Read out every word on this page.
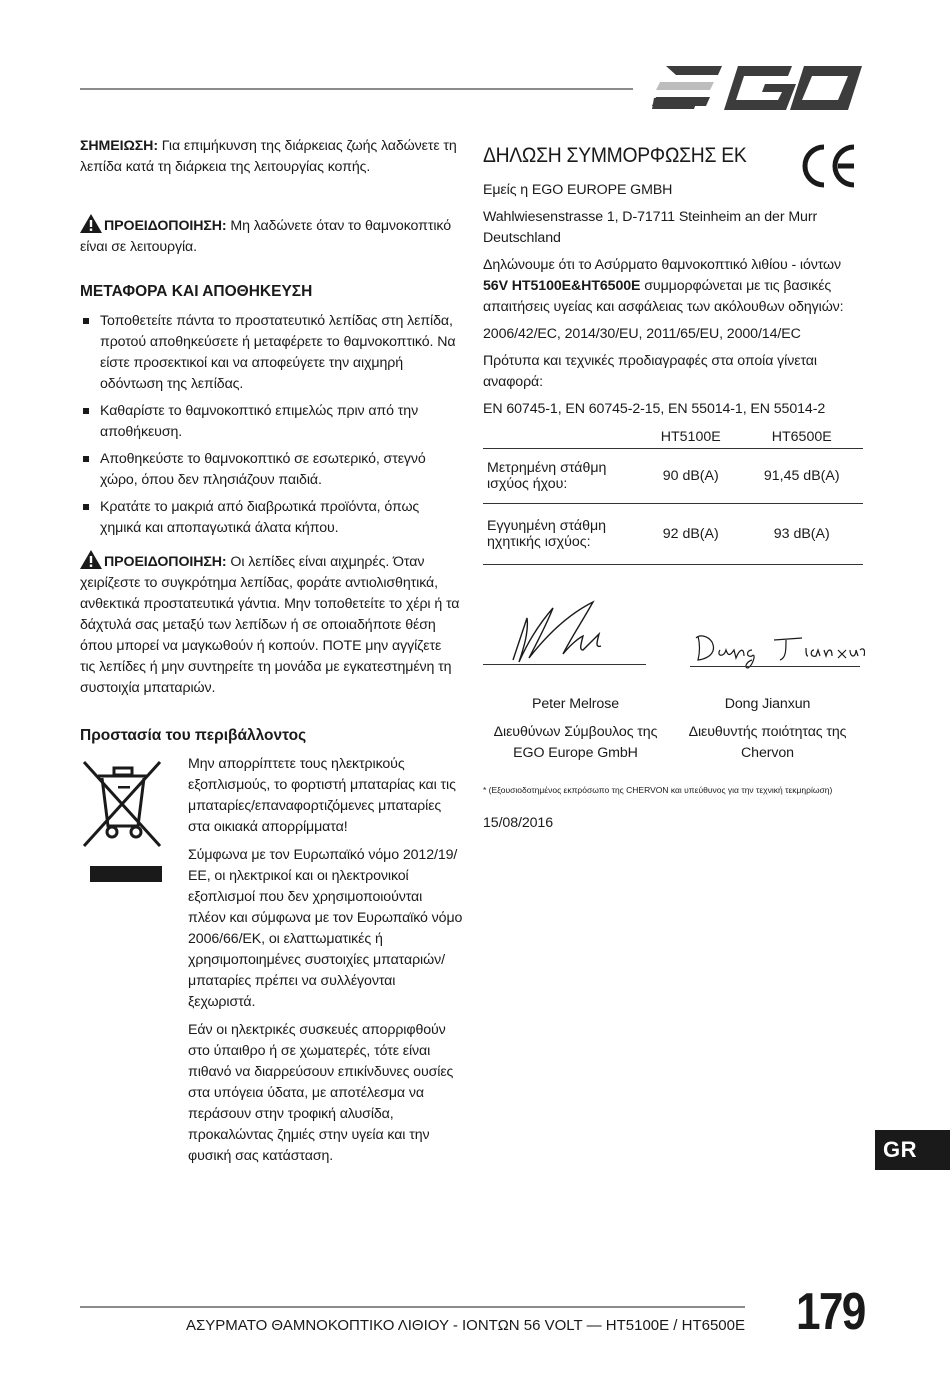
ΣΗΜΕΙΩΣΗ: Για επιμήκυνση της διάρκειας ζωής λαδώνετε τη λεπίδα κατά τη διάρκεια της λειτουργίας κοπής.
ΠΡΟΕΙΔΟΠΟΙΗΣΗ: Μη λαδώνετε όταν το θαμνοκοπτικό είναι σε λειτουργία.
ΜΕΤΑΦΟΡΑ ΚΑΙ ΑΠΟΘΗΚΕΥΣΗ
Τοποθετείτε πάντα το προστατευτικό λεπίδας στη λεπίδα, προτού αποθηκεύσετε ή μεταφέρετε το θαμνοκοπτικό. Να είστε προσεκτικοί και να αποφεύγετε την αιχμηρή οδόντωση της λεπίδας.
Καθαρίστε το θαμνοκοπτικό επιμελώς πριν από την αποθήκευση.
Αποθηκεύστε το θαμνοκοπτικό σε εσωτερικό, στεγνό χώρο, όπου δεν πλησιάζουν παιδιά.
Κρατάτε το μακριά από διαβρωτικά προϊόντα, όπως χημικά και αποπαγωτικά άλατα κήπου.
ΠΡΟΕΙΔΟΠΟΙΗΣΗ: Οι λεπίδες είναι αιχμηρές. Όταν χειρίζεστε το συγκρότημα λεπίδας, φοράτε αντιολισθητικά, ανθεκτικά προστατευτικά γάντια. Μην τοποθετείτε το χέρι ή τα δάχτυλά σας μεταξύ των λεπίδων ή σε οποιαδήποτε θέση όπου μπορεί να μαγκωθούν ή κοπούν. ΠΟΤΕ μην αγγίζετε τις λεπίδες ή μην συντηρείτε τη μονάδα με εγκατεστημένη τη συστοιχία μπαταριών.
Προστασία του περιβάλλοντος

Μην απορρίπτετε τους ηλεκτρικούς εξοπλισμούς, το φορτιστή μπαταρίας και τις μπαταρίες/επαναφορτιζόμενες μπαταρίες στα οικιακά απορρίμματα!

Σύμφωνα με τον Ευρωπαϊκό νόμο 2012/19/ΕΕ, οι ηλεκτρικοί και οι ηλεκτρονικοί εξοπλισμοί που δεν χρησιμοποιούνται πλέον και σύμφωνα με τον Ευρωπαϊκό νόμο 2006/66/ΕΚ, οι ελαττωματικές ή χρησιμοποιημένες συστοιχίες μπαταριών/μπαταρίες πρέπει να συλλέγονται ξεχωριστά.

Εάν οι ηλεκτρικές συσκευές απορριφθούν στο ύπαιθρο ή σε χωματερές, τότε είναι πιθανό να διαρρεύσουν επικίνδυνες ουσίες στα υπόγεια ύδατα, με αποτέλεσμα να περάσουν στην τροφική αλυσίδα, προκαλώντας ζημιές στην υγεία και την φυσική σας κατάσταση.

ΔΗΛΩΣΗ ΣΥΜΜΟΡΦΩΣΗΣ ΕΚ

Εμείς η EGO EUROPE GMBH

Wahlwiesenstrasse 1, D-71711 Steinheim an der Murr Deutschland

Δηλώνουμε ότι το Ασύρματο θαμνοκοπτικό λιθίου - ιόντων 56V HT5100E&HT6500E συμμορφώνεται με τις βασικές απαιτήσεις υγείας και ασφάλειας των ακόλουθων οδηγιών:

2006/42/EC, 2014/30/EU, 2011/65/EU, 2000/14/EC

Πρότυπα και τεχνικές προδιαγραφές στα οποία γίνεται αναφορά:

EN 60745-1, EN 60745-2-15, EN 55014-1, EN 55014-2

	HT5100E	HT6500E
Μετρημένη στάθμη ισχύος ήχου:	90 dB(A)	91,45 dB(A)
Εγγυημένη στάθμη ηχητικής ισχύος:	92 dB(A)	93 dB(A)
Peter Melrose
Διευθύνων Σύμβουλος της EGO Europe GmbH
Dong Jianxun
Διευθυντής ποιότητας της Chervon
* (Εξουσιοδοτημένος εκπρόσωπο της CHERVON και υπεύθυνος για την τεχνική τεκμηρίωση)
15/08/2016
GR
ΑΣΥΡΜΑΤΟ ΘΑΜΝΟΚΟΠΤΙΚΟ ΛΙΘΙΟΥ - ΙΟΝΤΩΝ 56 VOLT — HT5100E / HT6500E 179
